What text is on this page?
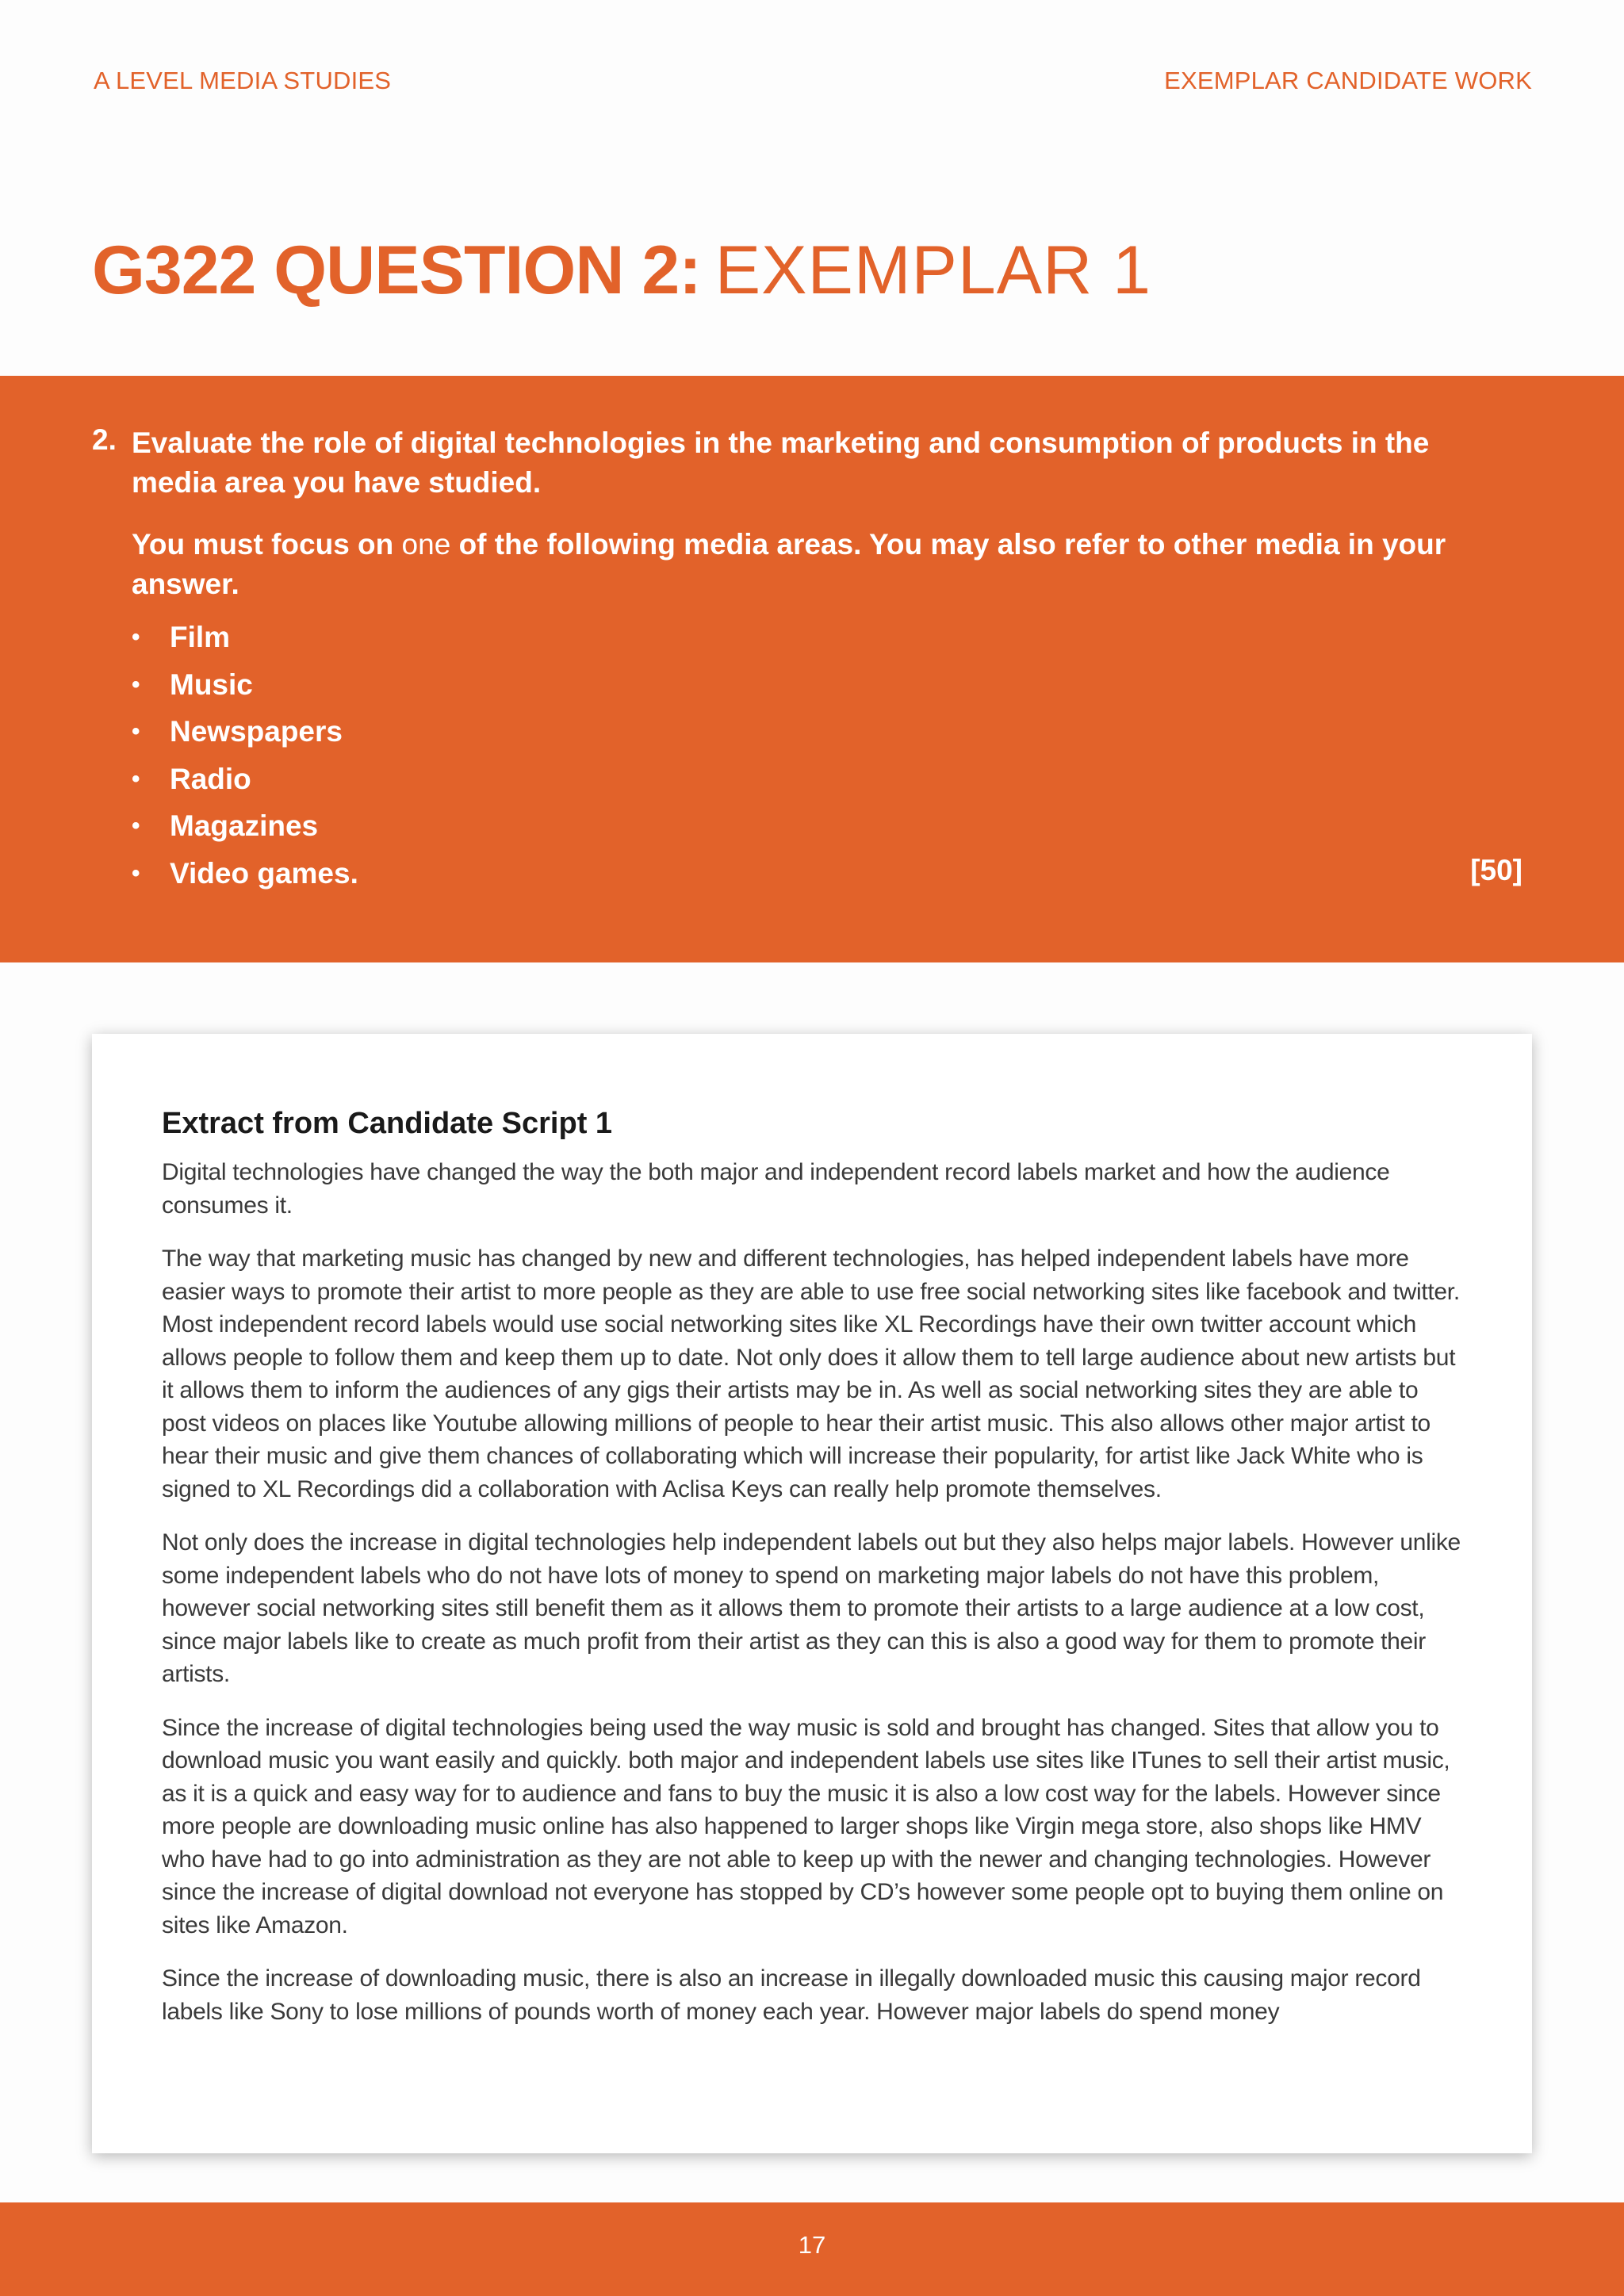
A LEVEL MEDIA STUDIES	EXEMPLAR CANDIDATE WORK
G322 QUESTION 2: EXEMPLAR 1
2. Evaluate the role of digital technologies in the marketing and consumption of products in the media area you have studied.
You must focus on one of the following media areas. You may also refer to other media in your answer.
• Film
• Music
• Newspapers
• Radio
• Magazines
• Video games.	[50]
Extract from Candidate Script 1

Digital technologies have changed the way the both major and independent record labels market and how the audience consumes it.

The way that marketing music has changed by new and different technologies, has helped independent labels have more easier ways to promote their artist to more people as they are able to use free social networking sites like facebook and twitter. Most independent record labels would use social networking sites like XL Recordings have their own twitter account which allows people to follow them and keep them up to date. Not only does it allow them to tell large audience about new artists but it allows them to inform the audiences of any gigs their artists may be in. As well as social networking sites they are able to post videos on places like Youtube allowing millions of people to hear their artist music. This also allows other major artist to hear their music and give them chances of collaborating which will increase their popularity, for artist like Jack White who is signed to XL Recordings did a collaboration with Aclisa Keys can really help promote themselves.

Not only does the increase in digital technologies help independent labels out but they also helps major labels. However unlike some independent labels who do not have lots of money to spend on marketing major labels do not have this problem, however social networking sites still benefit them as it allows them to promote their artists to a large audience at a low cost, since major labels like to create as much profit from their artist as they can this is also a good way for them to promote their artists.

Since the increase of digital technologies being used the way music is sold and brought has changed. Sites that allow you to download music you want easily and quickly. both major and independent labels use sites like ITunes to sell their artist music, as it is a quick and easy way for to audience and fans to buy the music it is also a low cost way for the labels. However since more people are downloading music online has also happened to larger shops like Virgin mega store, also shops like HMV who have had to go into administration as they are not able to keep up with the newer and changing technologies. However since the increase of digital download not everyone has stopped by CD’s however some people opt to buying them online on sites like Amazon.

Since the increase of downloading music, there is also an increase in illegally downloaded music this causing major record labels like Sony to lose millions of pounds worth of money each year. However major labels do spend money

17
